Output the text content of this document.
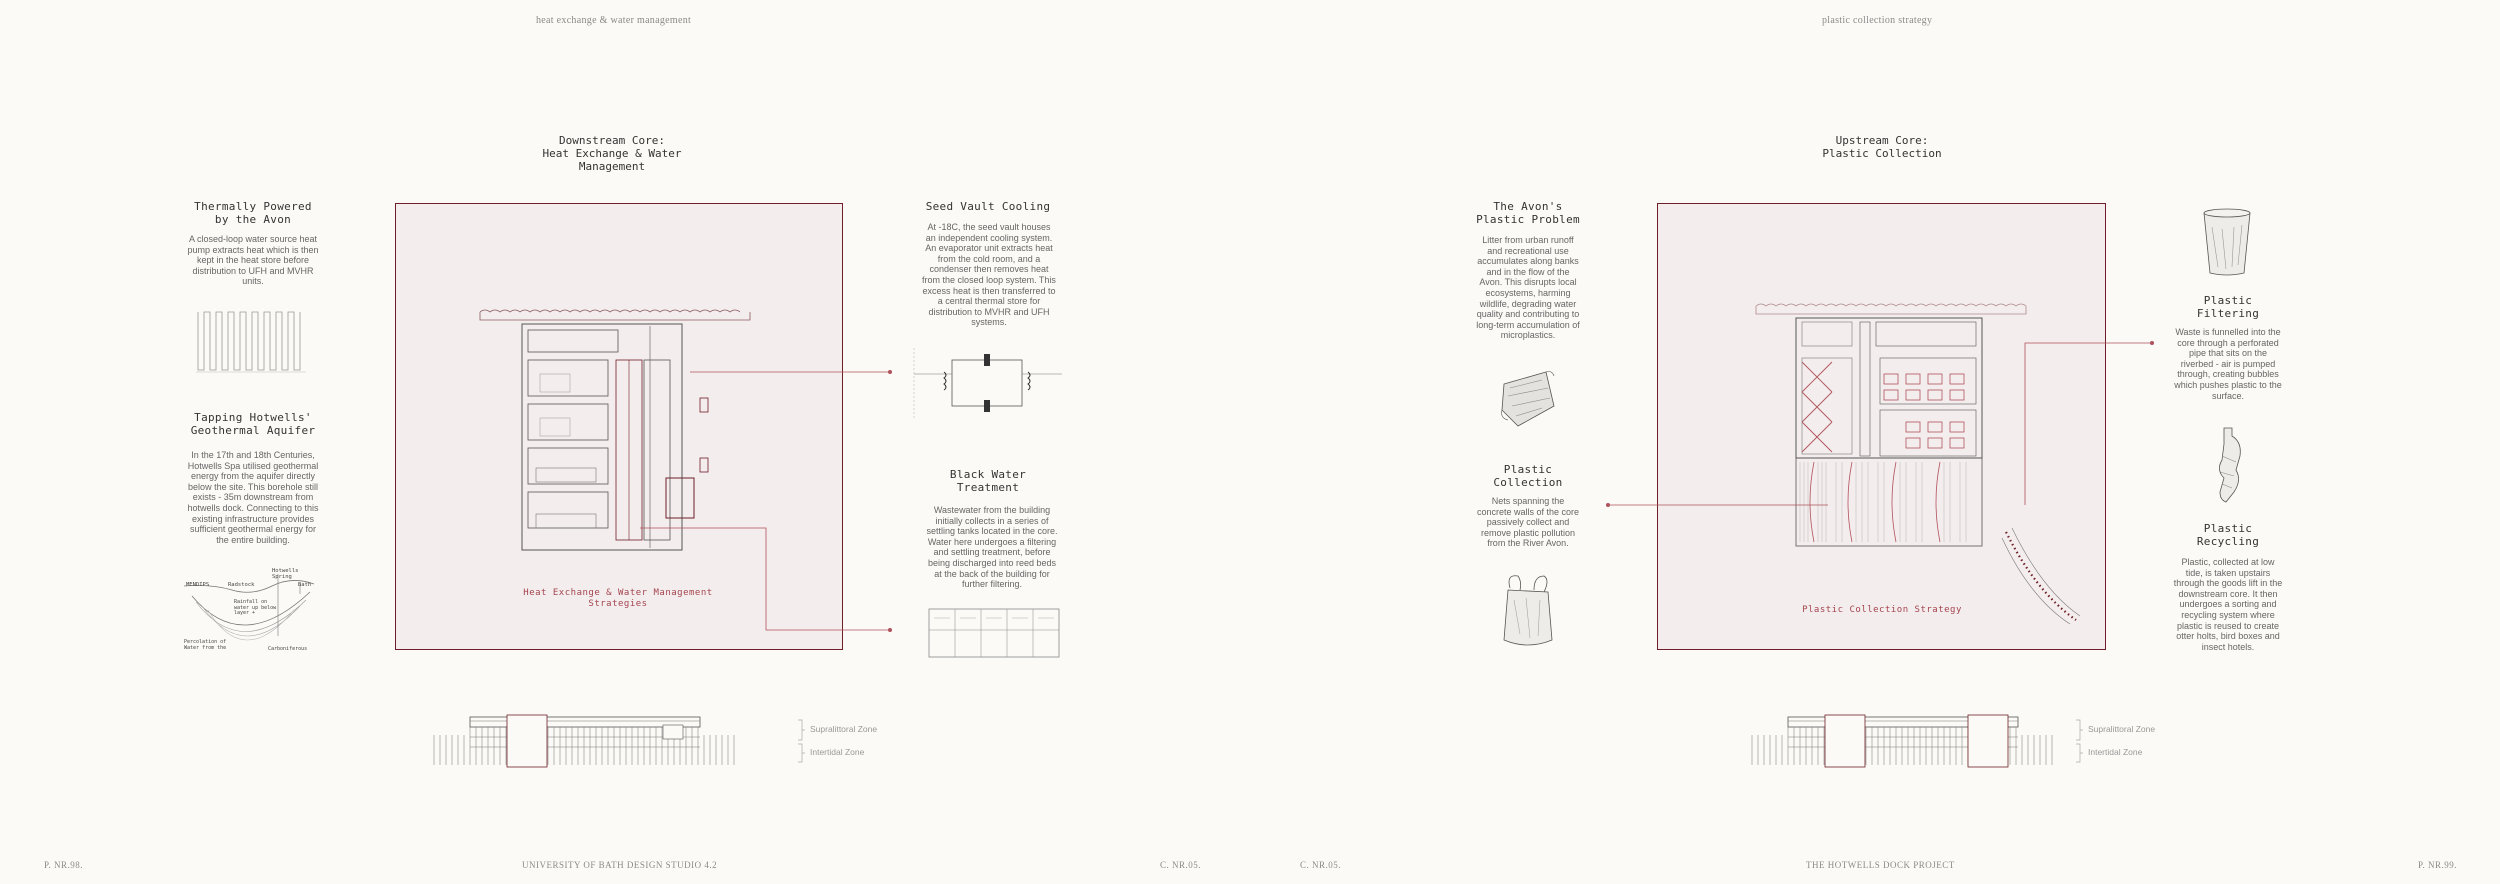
heat exchange & water management
Downstream Core:
Heat Exchange & Water Management
Thermally Powered
by the Avon
A closed-loop water source heat pump extracts heat which is then kept in the heat store before distribution to UFH and MVHR units.
Tapping Hotwells'
Geothermal Aquifer
In the 17th and 18th Centuries, Hotwells Spa utilised geothermal energy from the aquifer directly below the site. This borehole still exists - 35m downstream from hotwells dock. Connecting to this existing infrastructure provides sufficient geothermal energy for the entire building.
MENDIPS	Radstock
Hotwells
Spring
Bath
Rainfall on
water up below
layer +
Percolation of
Water from the	Carboniferous
Heat Exchange & Water Management
Strategies
Seed Vault Cooling
At -18C, the seed vault houses an independent cooling system. An evaporator unit extracts heat from the cold room, and a condenser then removes heat from the closed loop system. This excess heat is then transferred to a central thermal store for distribution to MVHR and UFH systems.
Black Water
Treatment
Wastewater from the building initially collects in a series of settling tanks located in the core. Water here undergoes a filtering and settling treatment, before being discharged into reed beds at the back of the building for further filtering.
Supralittoral Zone
Intertidal Zone
P. NR.98.	UNIVERSITY OF BATH DESIGN STUDIO 4.2	C. NR.05.
plastic collection strategy
Upstream Core:
Plastic Collection
The Avon's
Plastic Problem
Litter from urban runoff and recreational use accumulates along banks and in the flow of the Avon. This disrupts local ecosystems, harming wildlife, degrading water quality and contributing to long-term accumulation of microplastics.
Plastic
Collection
Nets spanning the concrete walls of the core passively collect and remove plastic pollution from the River Avon.
Plastic Collection Strategy
Plastic
Filtering
Waste is funnelled into the core through a perforated pipe that sits on the riverbed - air is pumped through, creating bubbles which pushes plastic to the surface.
Plastic
Recycling
Plastic, collected at low tide, is taken upstairs through the goods lift in the downstream core. It then undergoes a sorting and recycling system where plastic is reused to create otter holts, bird boxes and insect hotels.
Supralittoral Zone
Intertidal Zone
C. NR.05.	THE HOTWELLS DOCK PROJECT	P. NR.99.
